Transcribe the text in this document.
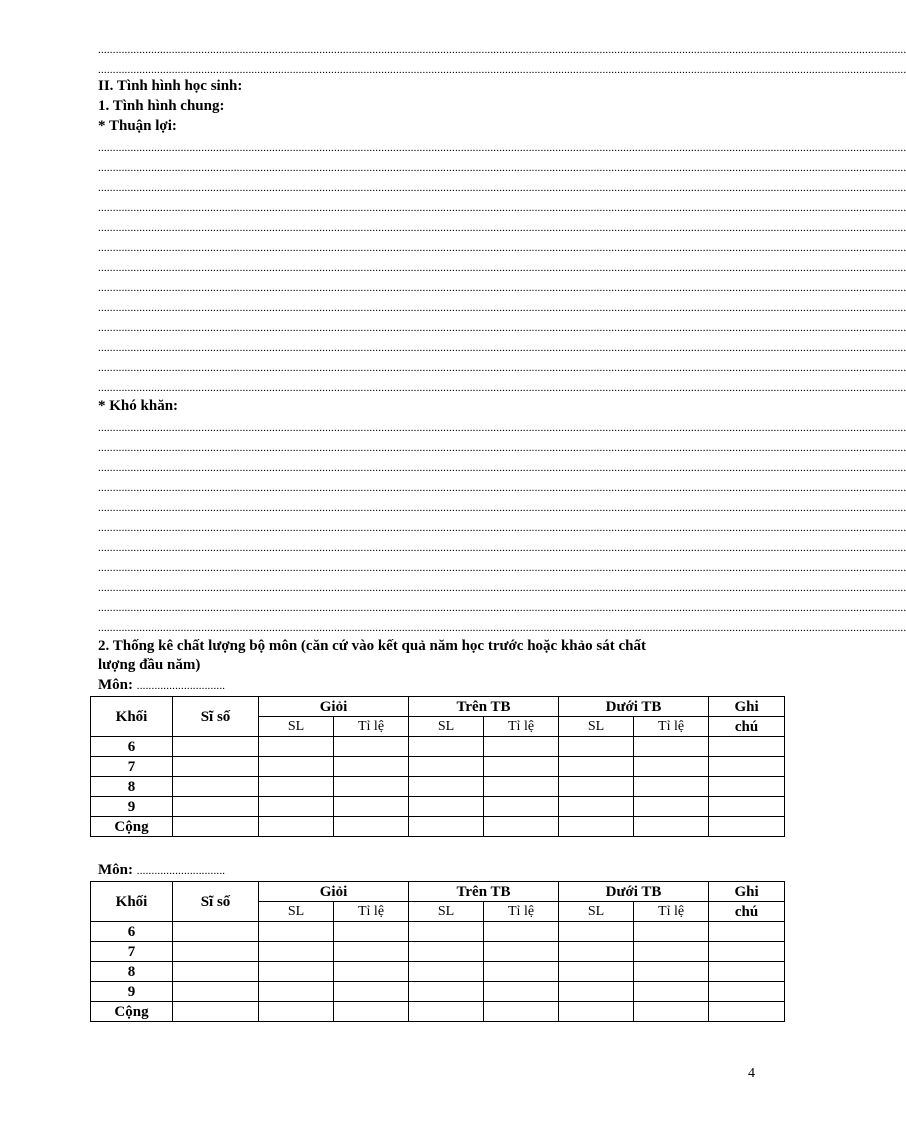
..................................................................................................................................................................................................................................................................................
..................................................................................................................................................................................................................................................................................
II. Tình hình học sinh:
1. Tình hình chung:
* Thuận lợi:
..................................................................................................................................................................................................................................................................................
..................................................................................................................................................................................................................................................................................
..................................................................................................................................................................................................................................................................................
..................................................................................................................................................................................................................................................................................
..................................................................................................................................................................................................................................................................................
..................................................................................................................................................................................................................................................................................
..................................................................................................................................................................................................................................................................................
..................................................................................................................................................................................................................................................................................
..................................................................................................................................................................................................................................................................................
..................................................................................................................................................................................................................................................................................
..................................................................................................................................................................................................................................................................................
..................................................................................................................................................................................................................................................................................
..................................................................................................................................................................................................................................................................................
* Khó khăn:
..................................................................................................................................................................................................................................................................................
..................................................................................................................................................................................................................................................................................
..................................................................................................................................................................................................................................................................................
..................................................................................................................................................................................................................................................................................
..................................................................................................................................................................................................................................................................................
..................................................................................................................................................................................................................................................................................
..................................................................................................................................................................................................................................................................................
..................................................................................................................................................................................................................................................................................
..................................................................................................................................................................................................................................................................................
..................................................................................................................................................................................................................................................................................
..................................................................................................................................................................................................................................................................................
2. Thống kê chất lượng bộ môn (căn cứ vào kết quả năm học trước hoặc khảo sát chất
lượng đầu năm)
Môn: ..............................
Khối	Sĩ số	Giỏi		Trên TB		Dưới TB		Ghi
		SL	Tỉ lệ	SL	Tỉ lệ	SL	Tỉ lệ	chú
6								
7								
8								
9								
Cộng								
Môn: ..............................
Khối	Sĩ số	Giỏi		Trên TB		Dưới TB		Ghi
		SL	Tỉ lệ	SL	Tỉ lệ	SL	Tỉ lệ	chú
6								
7								
8								
9								
Cộng								
4
